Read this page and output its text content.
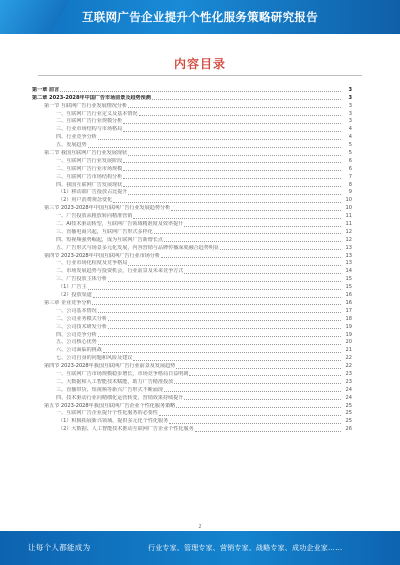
互联网广告企业提升个性化服务策略研究报告
内容目录
第一章 前言	3
第二章 2023-2028年中国广告市场前景及趋势预测	3
第一节 互联网广告行业发展情况分析	3
一、互联网广告行业定义及基本情况	3
二、互联网广告行业规模分析	3
三、行业市场结构与市场格局	4
四、行业竞争分析	4
五、发展趋势	5
第二节 我国互联网广告行业发展现状	5
一、互联网广告行业发展阶段	6
二、互联网广告行业市场规模	6
三、互联网广告市场结构分析	7
四、我国互联网广告发展现状	8
（1）移动端广告投放占比提升	9
（2）用户消费观念变化	10
第三节 2023-2028年中国互联网广告行业发展趋势分析	10
一、广告投放从粗放转向精准营销	11
二、AI技术驱动转型，互联网广告领域精准度及效率提升	11
三、直播电商兴起，互联网广告形式多样化	12
四、短视频强势崛起，成为互联网广告新增长点	12
五、广告形式与场景多元化发展，内容营销与品牌传播深度融合趋势明显	13
第四节 2023-2028年中国互联网广告行业市场分析	13
一、行业市场化程度及竞争格局	13
二、市场发展趋势与投资机会，行业前景及未来竞争方式	14
三、广告投放主体分析	15
（1）广告主	15
（2）投放渠道	16
第三章 企业竞争分析	16
一、公司基本情况	17
二、公司业务模式分析	18
三、公司技术研发分析	19
四、公司竞争分析	19
五、公司核心优势	20
六、公司面临的挑战	21
七、公司自身的问题和风险及建议	22
第四节 2023-2028年我国互联网广告行业前景及发展趋势	22
一、互联网广告市场规模稳步增长，市场竞争格局日益明朗	23
二、大数据和人工智能技术赋能，助力广告精准投放	23
三、直播带货、短视频等新兴广告形式不断涌现	24
四、技术驱动行业向精细化运营转变，营销效果持续提升	24
第五节 2023-2028年我国互联网广告企业个性化服务策略	25
一、互联网广告企业提升个性化服务的必要性	25
（1）积极拓展新兴领域，提供多元化个性化服务	25
（2）大数据、人工智能技术推动互联网广告企业个性化服务	26
2
让每个人都能成为	行业专家、管理专家、营销专家、战略专家、成功企业家……
